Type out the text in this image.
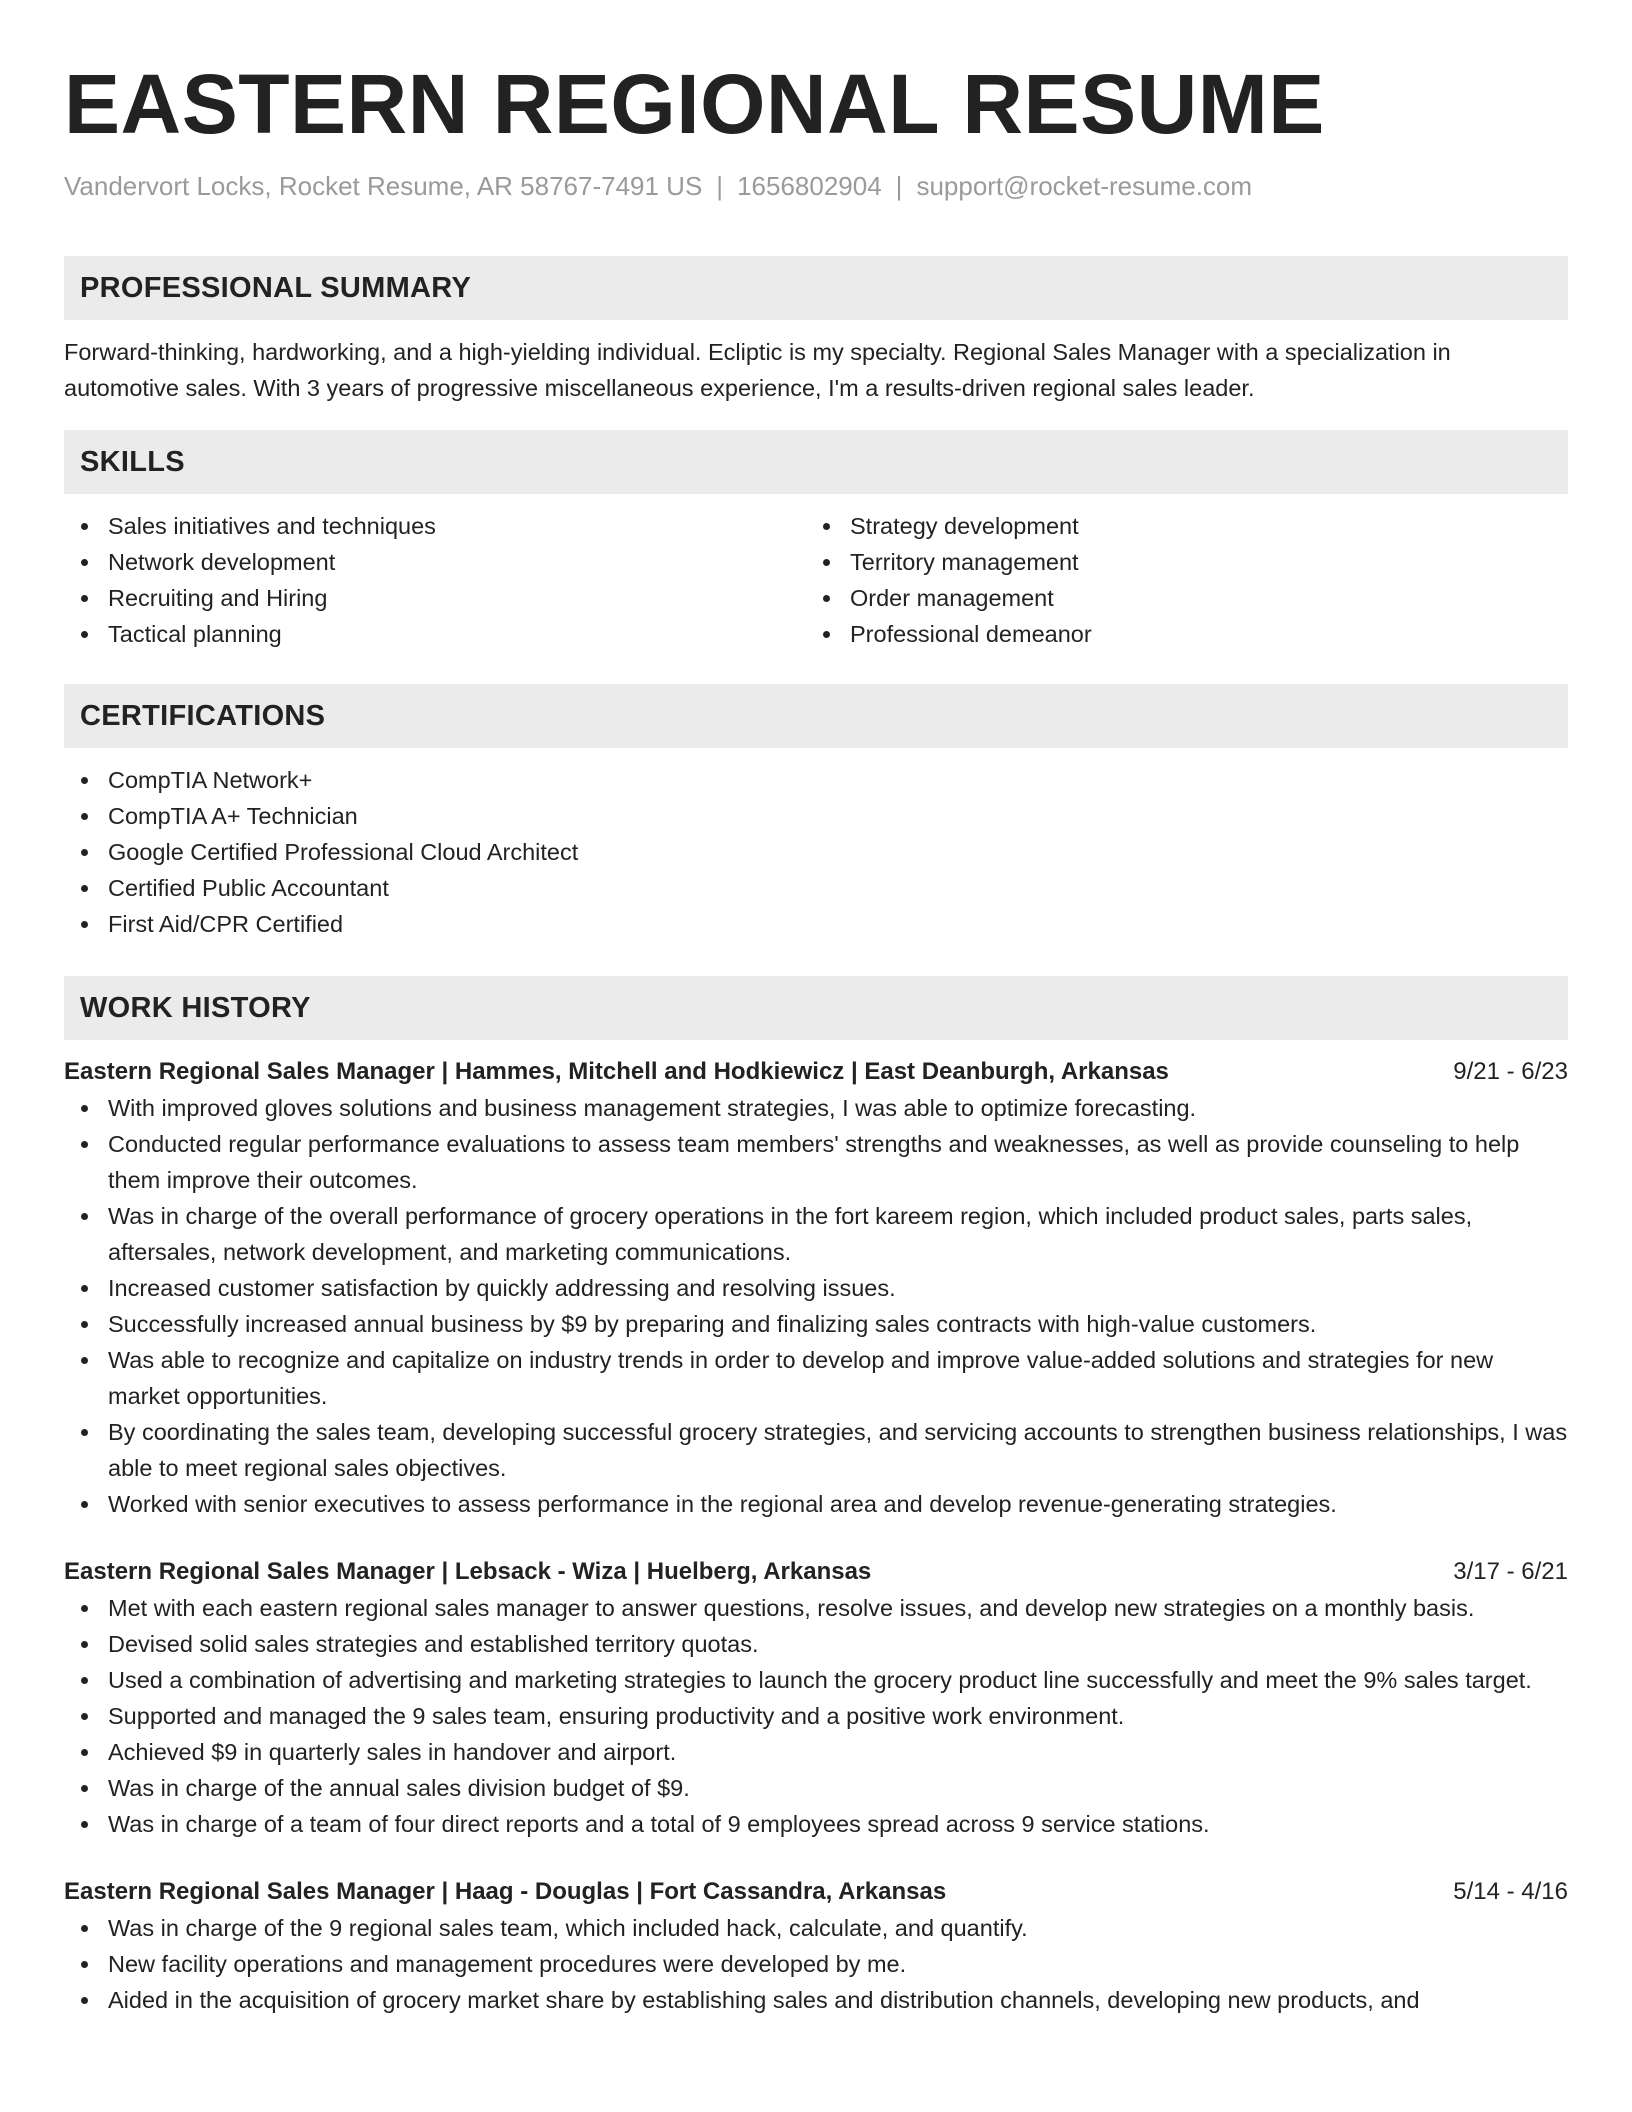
EASTERN REGIONAL RESUME
Vandervort Locks, Rocket Resume, AR 58767-7491 US | 1656802904 | support@rocket-resume.com
PROFESSIONAL SUMMARY

Forward-thinking, hardworking, and a high-yielding individual. Ecliptic is my specialty. Regional Sales Manager with a specialization in automotive sales. With 3 years of progressive miscellaneous experience, I'm a results-driven regional sales leader.

SKILLS
Sales initiatives and techniques
Network development
Recruiting and Hiring
Tactical planning
Strategy development
Territory management
Order management
Professional demeanor
CERTIFICATIONS
CompTIA Network+
CompTIA A+ Technician
Google Certified Professional Cloud Architect
Certified Public Accountant
First Aid/CPR Certified
WORK HISTORY
Eastern Regional Sales Manager | Hammes, Mitchell and Hodkiewicz | East Deanburgh, Arkansas	9/21 - 6/23
With improved gloves solutions and business management strategies, I was able to optimize forecasting.
Conducted regular performance evaluations to assess team members' strengths and weaknesses, as well as provide counseling to help them improve their outcomes.
Was in charge of the overall performance of grocery operations in the fort kareem region, which included product sales, parts sales, aftersales, network development, and marketing communications.
Increased customer satisfaction by quickly addressing and resolving issues.
Successfully increased annual business by $9 by preparing and finalizing sales contracts with high-value customers.
Was able to recognize and capitalize on industry trends in order to develop and improve value-added solutions and strategies for new market opportunities.
By coordinating the sales team, developing successful grocery strategies, and servicing accounts to strengthen business relationships, I was able to meet regional sales objectives.
Worked with senior executives to assess performance in the regional area and develop revenue-generating strategies.
Eastern Regional Sales Manager | Lebsack - Wiza | Huelberg, Arkansas	3/17 - 6/21
Met with each eastern regional sales manager to answer questions, resolve issues, and develop new strategies on a monthly basis.
Devised solid sales strategies and established territory quotas.
Used a combination of advertising and marketing strategies to launch the grocery product line successfully and meet the 9% sales target.
Supported and managed the 9 sales team, ensuring productivity and a positive work environment.
Achieved $9 in quarterly sales in handover and airport.
Was in charge of the annual sales division budget of $9.
Was in charge of a team of four direct reports and a total of 9 employees spread across 9 service stations.
Eastern Regional Sales Manager | Haag - Douglas | Fort Cassandra, Arkansas	5/14 - 4/16
Was in charge of the 9 regional sales team, which included hack, calculate, and quantify.
New facility operations and management procedures were developed by me.
Aided in the acquisition of grocery market share by establishing sales and distribution channels, developing new products, and
